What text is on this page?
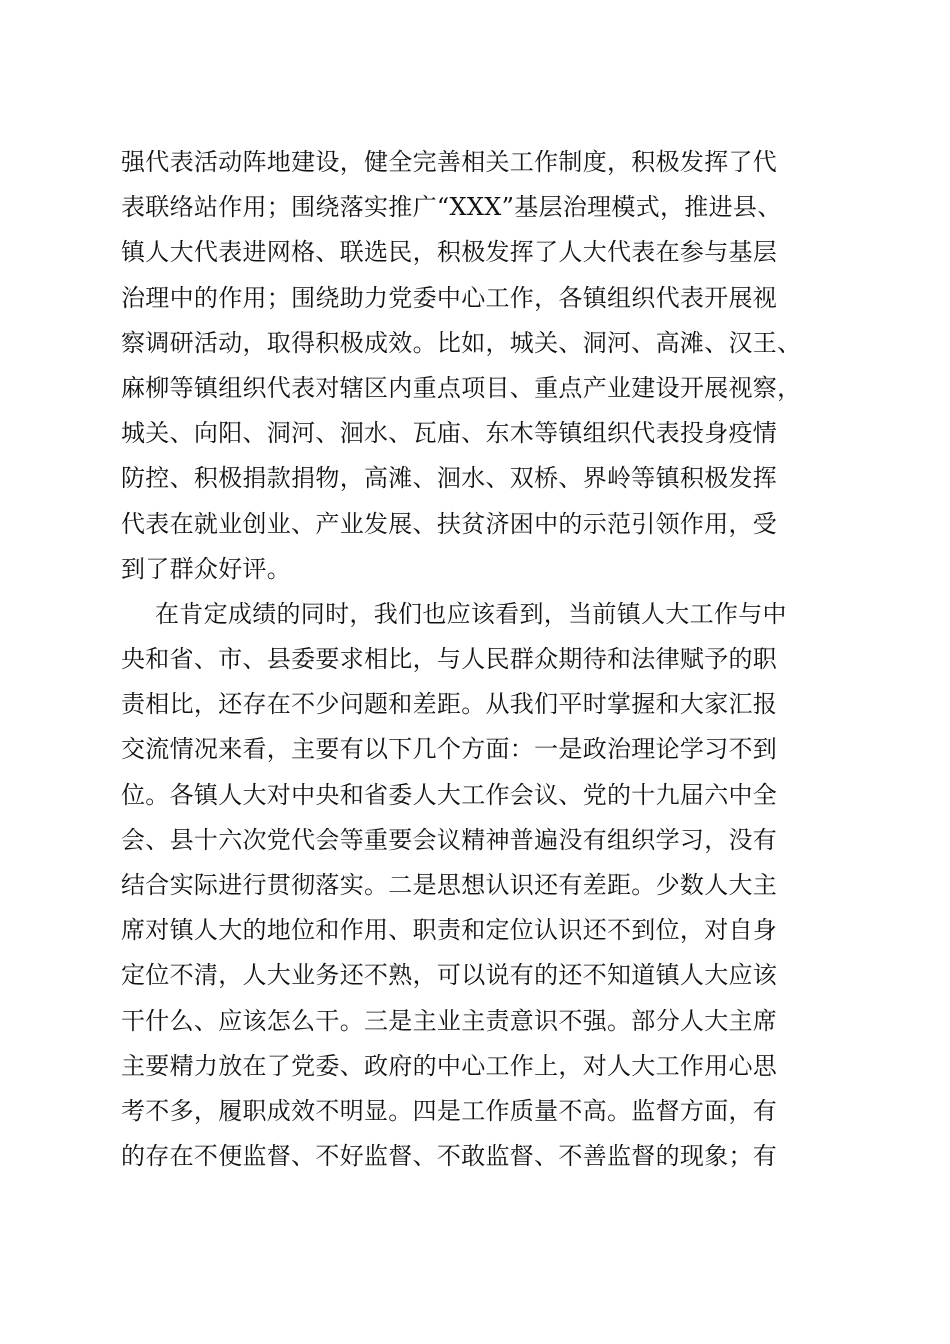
强代表活动阵地建设，健全完善相关工作制度，积极发挥了代
表联络站作用；围绕落实推广“XXX”基层治理模式，推进县、
镇人大代表进网格、联选民，积极发挥了人大代表在参与基层
治理中的作用；围绕助力党委中心工作，各镇组织代表开展视
察调研活动，取得积极成效。比如，城关、洞河、高滩、汉王、
麻柳等镇组织代表对辖区内重点项目、重点产业建设开展视察，
城关、向阳、洞河、洄水、瓦庙、东木等镇组织代表投身疫情
防控、积极捐款捐物，高滩、洄水、双桥、界岭等镇积极发挥
代表在就业创业、产业发展、扶贫济困中的示范引领作用，受
到了群众好评。
在肯定成绩的同时，我们也应该看到，当前镇人大工作与中
央和省、市、县委要求相比，与人民群众期待和法律赋予的职
责相比，还存在不少问题和差距。从我们平时掌握和大家汇报
交流情况来看，主要有以下几个方面：一是政治理论学习不到
位。各镇人大对中央和省委人大工作会议、党的十九届六中全
会、县十六次党代会等重要会议精神普遍没有组织学习，没有
结合实际进行贯彻落实。二是思想认识还有差距。少数人大主
席对镇人大的地位和作用、职责和定位认识还不到位，对自身
定位不清，人大业务还不熟，可以说有的还不知道镇人大应该
干什么、应该怎么干。三是主业主责意识不强。部分人大主席
主要精力放在了党委、政府的中心工作上，对人大工作用心思
考不多，履职成效不明显。四是工作质量不高。监督方面，有
的存在不便监督、不好监督、不敢监督、不善监督的现象；有
